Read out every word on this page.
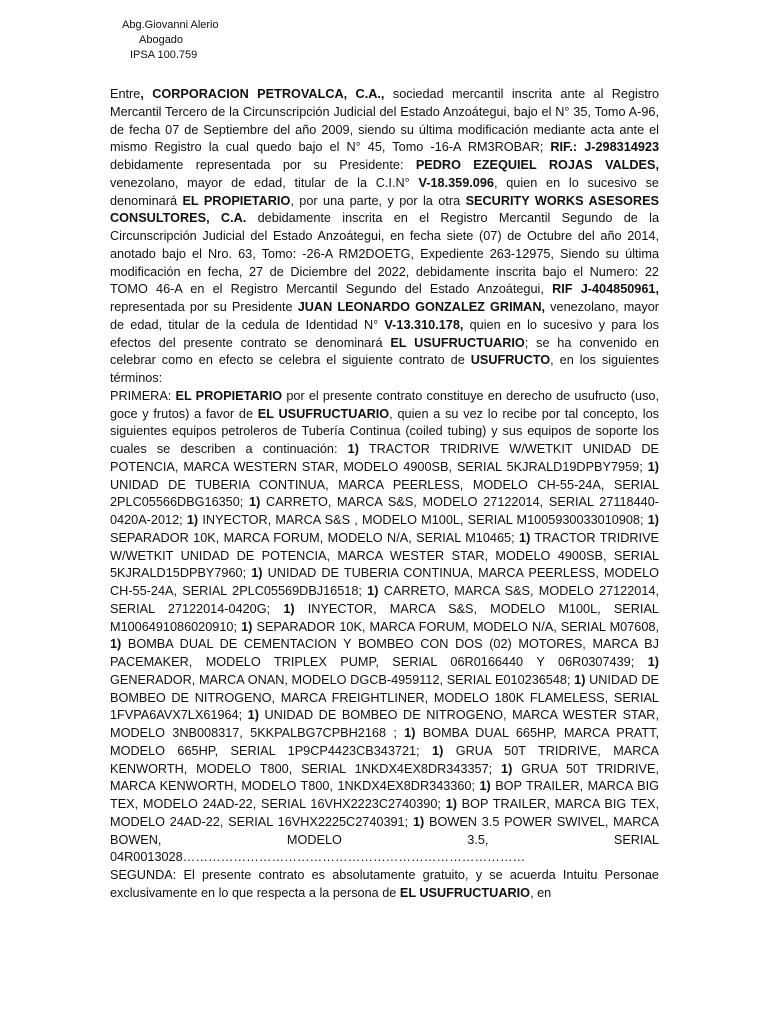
Abg.Giovanni Alerio
Abogado
IPSA 100.759

Entre, CORPORACION PETROVALCA, C.A., sociedad mercantil inscrita ante al Registro Mercantil Tercero de la Circunscripción Judicial del Estado Anzoátegui, bajo el N° 35, Tomo A-96, de fecha 07 de Septiembre del año 2009, siendo su última modificación mediante acta ante el mismo Registro la cual quedo bajo el N° 45, Tomo -16-A RM3ROBAR; RIF.: J-298314923 debidamente representada por su Presidente: PEDRO EZEQUIEL ROJAS VALDES, venezolano, mayor de edad, titular de la C.I.N° V-18.359.096, quien en lo sucesivo se denominará EL PROPIETARIO, por una parte, y por la otra SECURITY WORKS ASESORES CONSULTORES, C.A. debidamente inscrita en el Registro Mercantil Segundo de la Circunscripción Judicial del Estado Anzoátegui, en fecha siete (07) de Octubre del año 2014, anotado bajo el Nro. 63, Tomo: -26-A RM2DOETG, Expediente 263-12975, Siendo su última modificación en fecha, 27 de Diciembre del 2022, debidamente inscrita bajo el Numero: 22 TOMO 46-A en el Registro Mercantil Segundo del Estado Anzoátegui, RIF J-404850961, representada por su Presidente JUAN LEONARDO GONZALEZ GRIMAN, venezolano, mayor de edad, titular de la cedula de Identidad N° V-13.310.178, quien en lo sucesivo y para los efectos del presente contrato se denominará EL USUFRUCTUARIO; se ha convenido en celebrar como en efecto se celebra el siguiente contrato de USUFRUCTO, en los siguientes términos:

PRIMERA: EL PROPIETARIO por el presente contrato constituye en derecho de usufructo (uso, goce y frutos) a favor de EL USUFRUCTUARIO, quien a su vez lo recibe por tal concepto, los siguientes equipos petroleros de Tubería Continua (coiled tubing) y sus equipos de soporte los cuales se describen a continuación: 1) TRACTOR TRIDRIVE W/WETKIT UNIDAD DE POTENCIA, MARCA WESTERN STAR, MODELO 4900SB, SERIAL 5KJRALD19DPBY7959; 1) UNIDAD DE TUBERIA CONTINUA, MARCA PEERLESS, MODELO CH-55-24A, SERIAL 2PLC05566DBG16350; 1) CARRETO, MARCA S&S, MODELO 27122014, SERIAL 27118440-0420A-2012; 1) INYECTOR, MARCA S&S , MODELO M100L, SERIAL M1005930033010908; 1) SEPARADOR 10K, MARCA FORUM, MODELO N/A, SERIAL M10465; 1) TRACTOR TRIDRIVE W/WETKIT UNIDAD DE POTENCIA, MARCA WESTER STAR, MODELO 4900SB, SERIAL 5KJRALD15DPBY7960; 1) UNIDAD DE TUBERIA CONTINUA, MARCA PEERLESS, MODELO CH-55-24A, SERIAL 2PLC05569DBJ16518; 1) CARRETO, MARCA S&S, MODELO 27122014, SERIAL 27122014-0420G; 1) INYECTOR, MARCA S&S, MODELO M100L, SERIAL M1006491086020910; 1) SEPARADOR 10K, MARCA FORUM, MODELO N/A, SERIAL M07608, 1) BOMBA DUAL DE CEMENTACION Y BOMBEO CON DOS (02) MOTORES, MARCA BJ PACEMAKER, MODELO TRIPLEX PUMP, SERIAL 06R0166440 Y 06R0307439; 1) GENERADOR, MARCA ONAN, MODELO DGCB-4959112, SERIAL E010236548; 1) UNIDAD DE BOMBEO DE NITROGENO, MARCA FREIGHTLINER, MODELO 180K FLAMELESS, SERIAL 1FVPA6AVX7LX61964; 1) UNIDAD DE BOMBEO DE NITROGENO, MARCA WESTER STAR, MODELO 3NB008317, 5KKPALBG7CPBH2168 ; 1) BOMBA DUAL 665HP, MARCA PRATT, MODELO 665HP, SERIAL 1P9CP4423CB343721; 1) GRUA 50T TRIDRIVE, MARCA KENWORTH, MODELO T800, SERIAL 1NKDX4EX8DR343357; 1) GRUA 50T TRIDRIVE, MARCA KENWORTH, MODELO T800, 1NKDX4EX8DR343360; 1) BOP TRAILER, MARCA BIG TEX, MODELO 24AD-22, SERIAL 16VHX2223C2740390; 1) BOP TRAILER, MARCA BIG TEX, MODELO 24AD-22, SERIAL 16VHX2225C2740391; 1) BOWEN 3.5 POWER SWIVEL, MARCA BOWEN, MODELO 3.5, SERIAL 04R0013028………………………………………………………………………

SEGUNDA: El presente contrato es absolutamente gratuito, y se acuerda Intuitu Personae exclusivamente en lo que respecta a la persona de EL USUFRUCTUARIO, en
